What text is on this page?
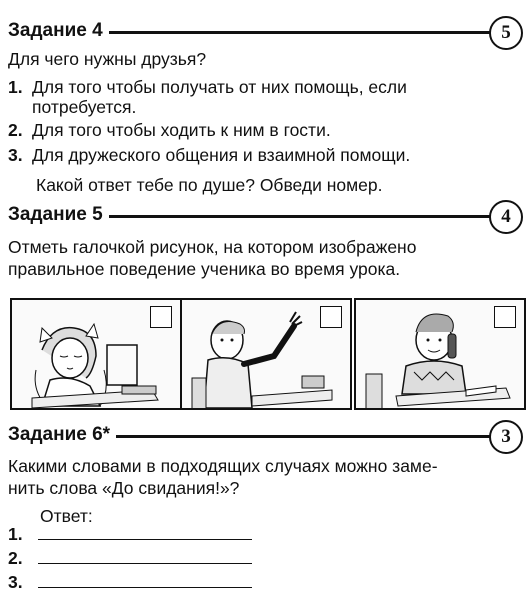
Задание 4	5
Для чего нужны друзья?
1. Для того чтобы получать от них помощь, если
потребуется.
2. Для того чтобы ходить к ним в гости.
3. Для дружеского общения и взаимной помощи.
Какой ответ тебе по душе? Обведи номер.
Задание 5	4
Отметь галочкой рисунок, на котором изображено
правильное поведение ученика во время урока.
Задание 6*	3
Какими словами в подходящих случаях можно заме-
нить слова «До свидания!»?
Ответ:
1.
2.
3.
